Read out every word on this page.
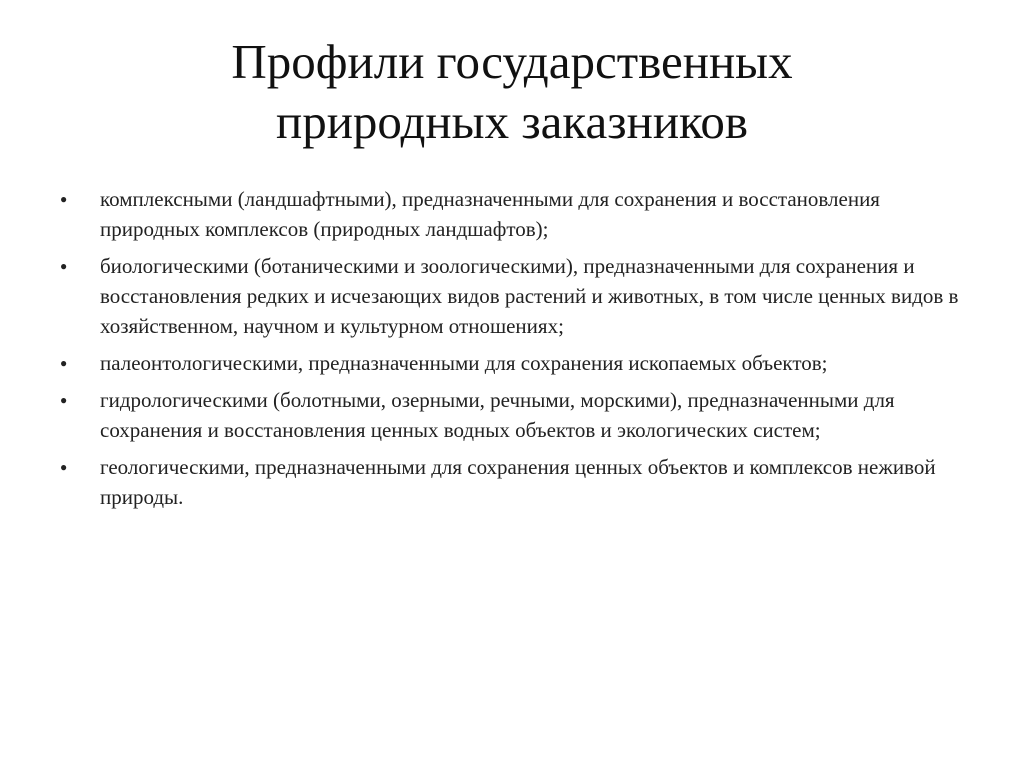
Профили государственных
природных заказников
● комплексными (ландшафтными), предназначенными для сохранения и восстановления природных комплексов (природных ландшафтов);
● биологическими (ботаническими и зоологическими), предназначенными для сохранения и восстановления редких и исчезающих видов растений и животных, в том числе ценных видов в хозяйственном, научном и культурном отношениях;
● палеонтологическими, предназначенными для сохранения ископаемых объектов;
● гидрологическими (болотными, озерными, речными, морскими), предназначенными для сохранения и восстановления ценных водных объектов и экологических систем;
● геологическими, предназначенными для сохранения ценных объектов и комплексов неживой природы.
